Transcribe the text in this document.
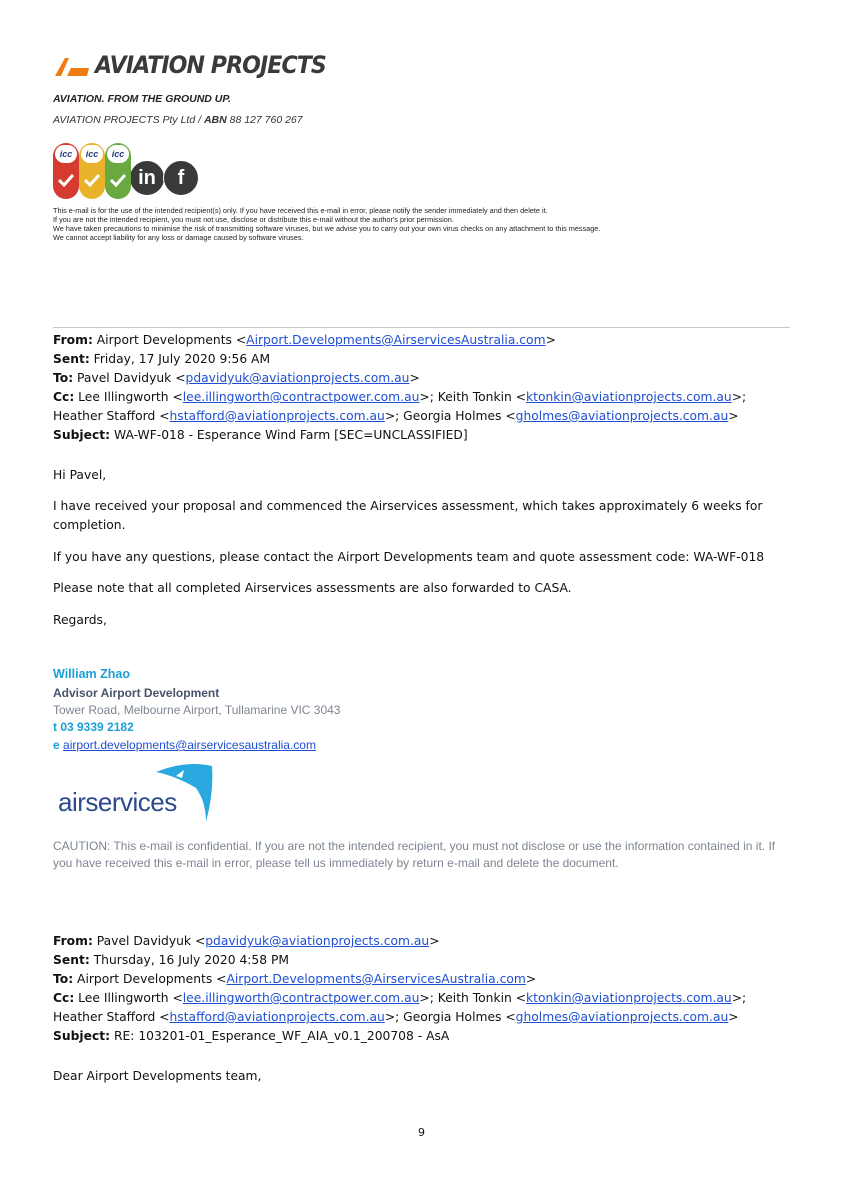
AVIATION PROJECTS
AVIATION. FROM THE GROUND UP.
AVIATION PROJECTS Pty Ltd / ABN 88 127 760 267
icc	icc	icc
in	f
This e-mail is for the use of the intended recipient(s) only. If you have received this e-mail in error, please notify the sender immediately and then delete it.
If you are not the intended recipient, you must not use, disclose or distribute this e-mail without the author's prior permission.
We have taken precautions to minimise the risk of transmitting software viruses, but we advise you to carry out your own virus checks on any attachment to this message.
We cannot accept liability for any loss or damage caused by software viruses.
From: Airport Developments <Airport.Developments@AirservicesAustralia.com>
Sent: Friday, 17 July 2020 9:56 AM
To: Pavel Davidyuk <pdavidyuk@aviationprojects.com.au>
Cc: Lee Illingworth <lee.illingworth@contractpower.com.au>; Keith Tonkin <ktonkin@aviationprojects.com.au>;
Heather Stafford <hstafford@aviationprojects.com.au>; Georgia Holmes <gholmes@aviationprojects.com.au>
Subject: WA-WF-018 - Esperance Wind Farm [SEC=UNCLASSIFIED]
Hi Pavel,
I have received your proposal and commenced the Airservices assessment, which takes approximately 6 weeks for completion.
If you have any questions, please contact the Airport Developments team and quote assessment code: WA-WF-018
Please note that all completed Airservices assessments are also forwarded to CASA.
Regards,
William Zhao
Advisor Airport Development
Tower Road, Melbourne Airport, Tullamarine VIC 3043
t 03 9339 2182
e airport.developments@airservicesaustralia.com
airservices
CAUTION: This e-mail is confidential. If you are not the intended recipient, you must not disclose or use the information contained in it. If you have received this e-mail in error, please tell us immediately by return e-mail and delete the document.
From: Pavel Davidyuk <pdavidyuk@aviationprojects.com.au>
Sent: Thursday, 16 July 2020 4:58 PM
To: Airport Developments <Airport.Developments@AirservicesAustralia.com>
Cc: Lee Illingworth <lee.illingworth@contractpower.com.au>; Keith Tonkin <ktonkin@aviationprojects.com.au>;
Heather Stafford <hstafford@aviationprojects.com.au>; Georgia Holmes <gholmes@aviationprojects.com.au>
Subject: RE: 103201-01_Esperance_WF_AIA_v0.1_200708 - AsA
Dear Airport Developments team,
9
